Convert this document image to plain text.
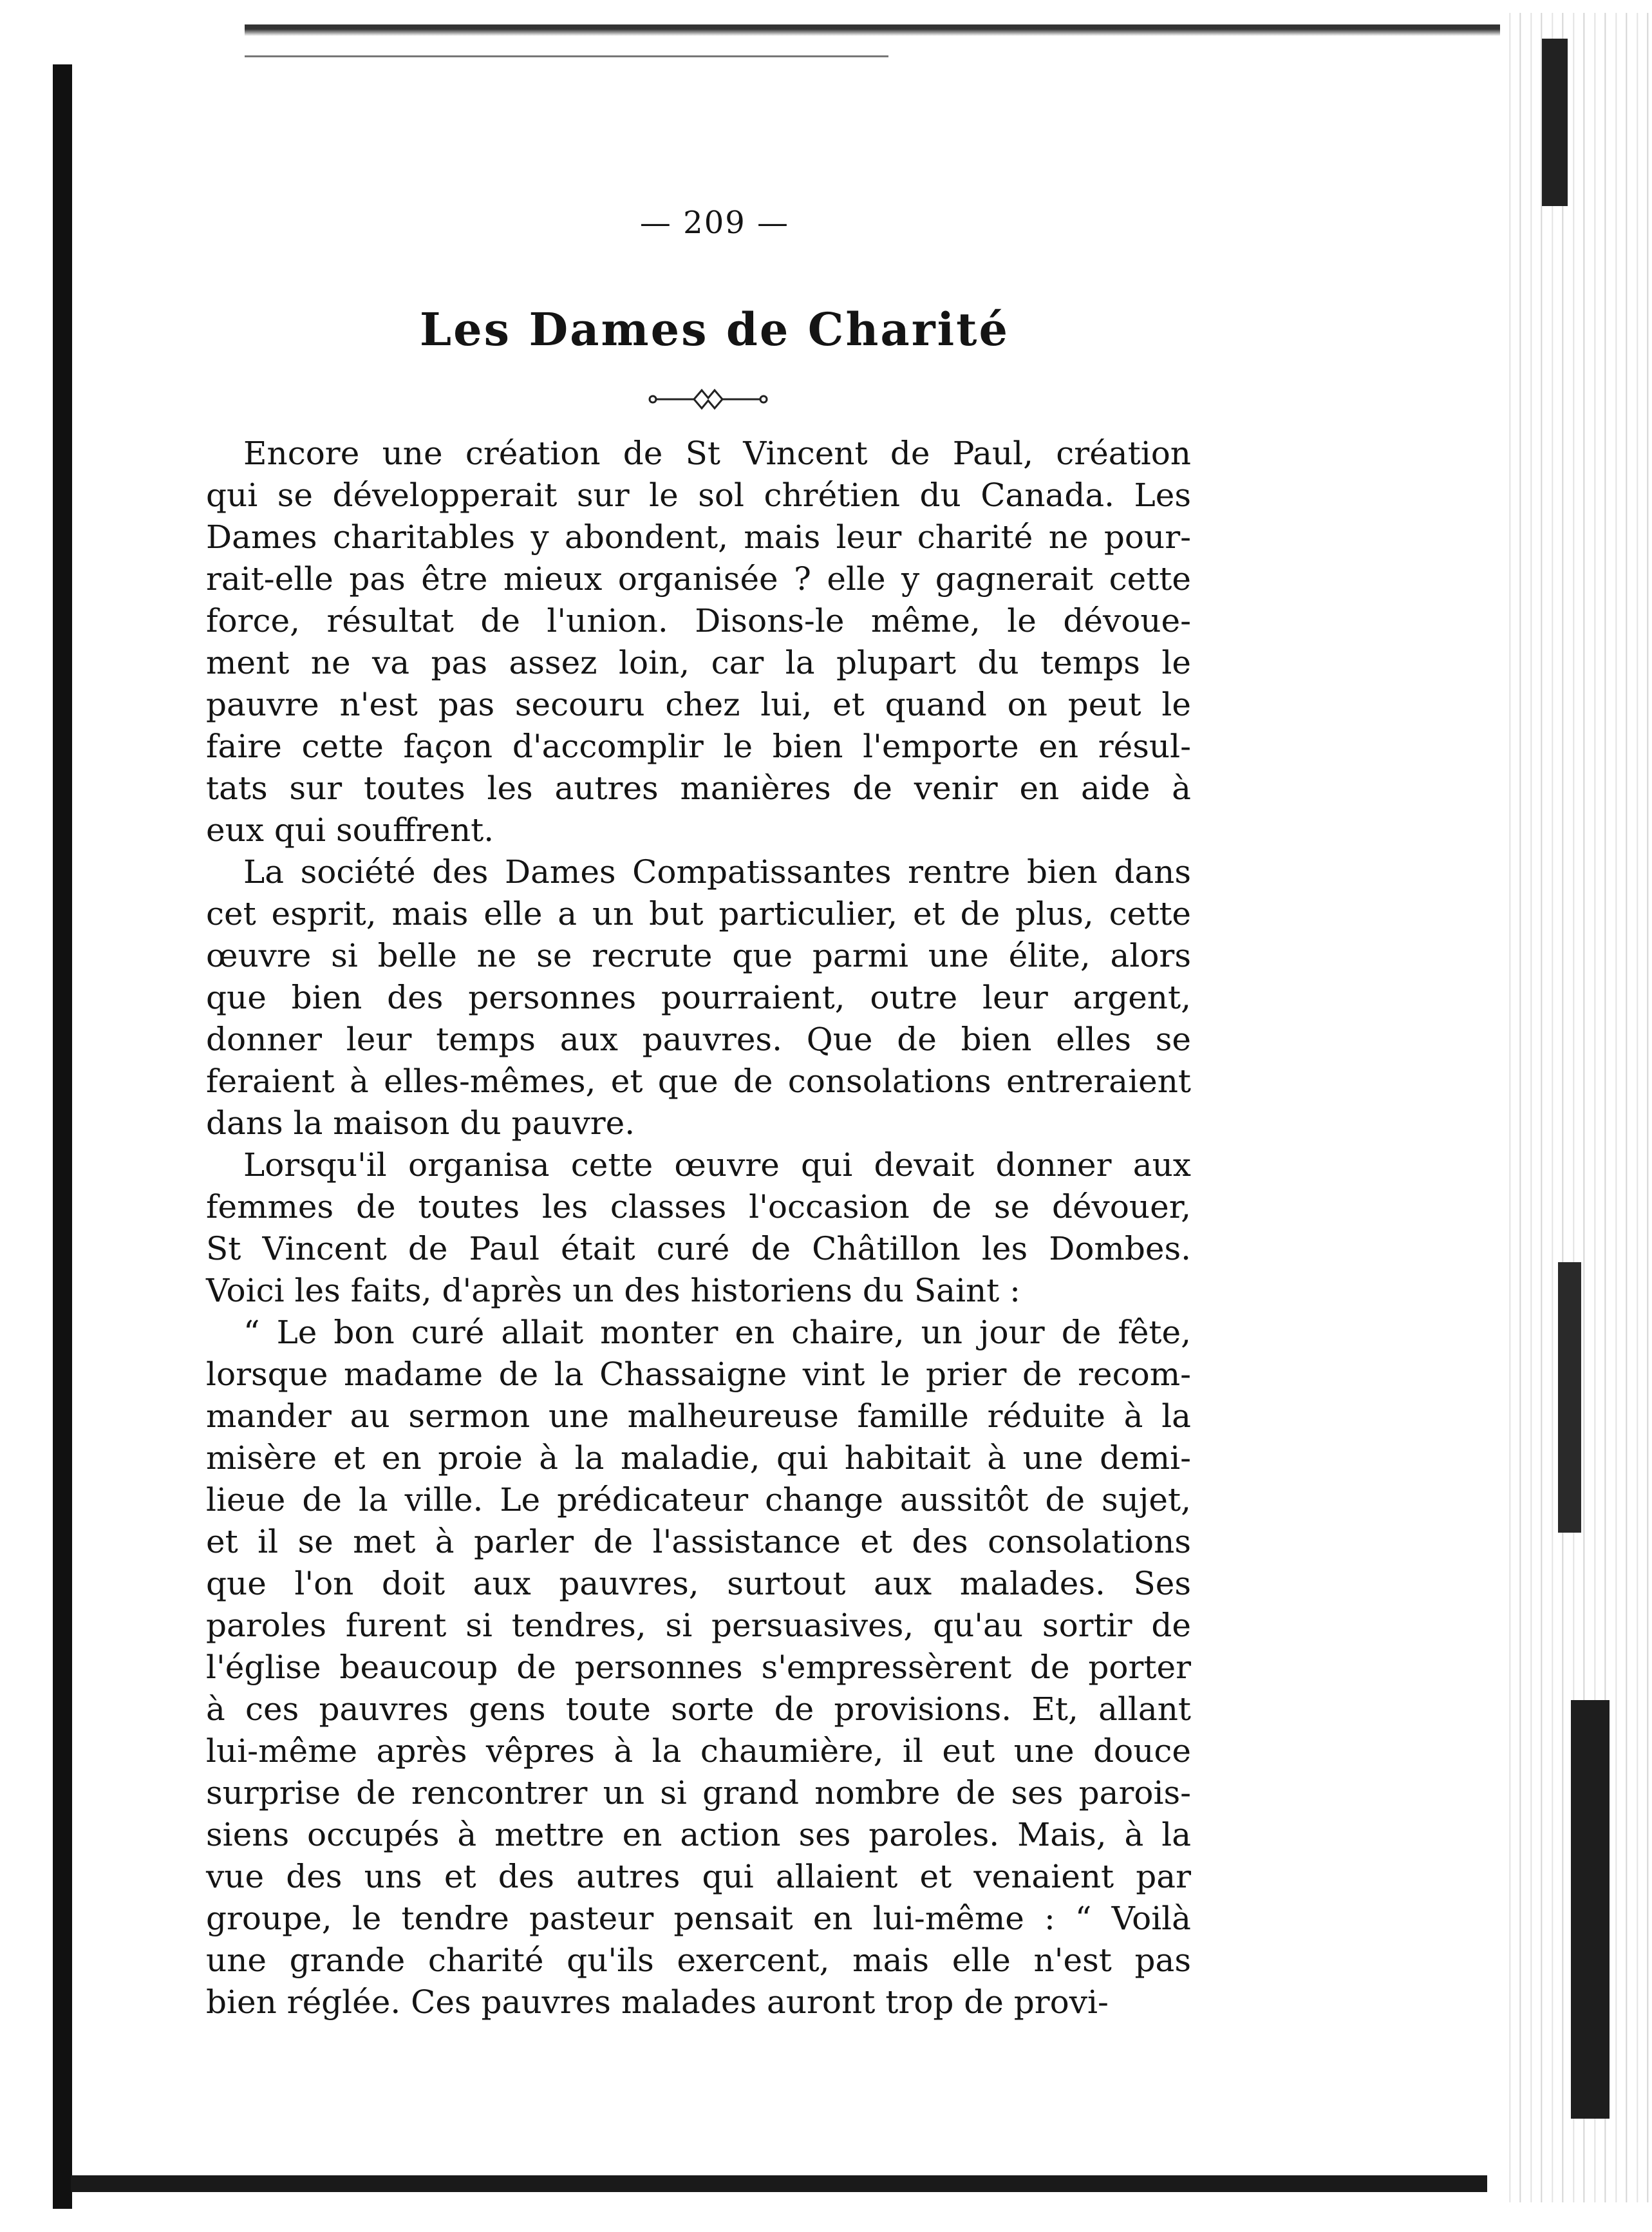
— 209 —
Les Dames de Charité
Encore une création de St Vincent de Paul, création
qui se développerait sur le sol chrétien du Canada. Les
Dames charitables y abondent, mais leur charité ne pour-
rait-elle pas être mieux organisée ? elle y gagnerait cette
force, résultat de l'union. Disons-le même, le dévoue-
ment ne va pas assez loin, car la plupart du temps le
pauvre n'est pas secouru chez lui, et quand on peut le
faire cette façon d'accomplir le bien l'emporte en résul-
tats sur toutes les autres manières de venir en aide à
eux qui souffrent.
La société des Dames Compatissantes rentre bien dans
cet esprit, mais elle a un but particulier, et de plus, cette
œuvre si belle ne se recrute que parmi une élite, alors
que bien des personnes pourraient, outre leur argent,
donner leur temps aux pauvres. Que de bien elles se
feraient à elles-mêmes, et que de consolations entreraient
dans la maison du pauvre.
Lorsqu'il organisa cette œuvre qui devait donner aux
femmes de toutes les classes l'occasion de se dévouer,
St Vincent de Paul était curé de Châtillon les Dombes.
Voici les faits, d'après un des historiens du Saint :
“ Le bon curé allait monter en chaire, un jour de fête,
lorsque madame de la Chassaigne vint le prier de recom-
mander au sermon une malheureuse famille réduite à la
misère et en proie à la maladie, qui habitait à une demi-
lieue de la ville. Le prédicateur change aussitôt de sujet,
et il se met à parler de l'assistance et des consolations
que l'on doit aux pauvres, surtout aux malades. Ses
paroles furent si tendres, si persuasives, qu'au sortir de
l'église beaucoup de personnes s'empressèrent de porter
à ces pauvres gens toute sorte de provisions. Et, allant
lui-même après vêpres à la chaumière, il eut une douce
surprise de rencontrer un si grand nombre de ses parois-
siens occupés à mettre en action ses paroles. Mais, à la
vue des uns et des autres qui allaient et venaient par
groupe, le tendre pasteur pensait en lui-même : “ Voilà
une grande charité qu'ils exercent, mais elle n'est pas
bien réglée. Ces pauvres malades auront trop de provi-
